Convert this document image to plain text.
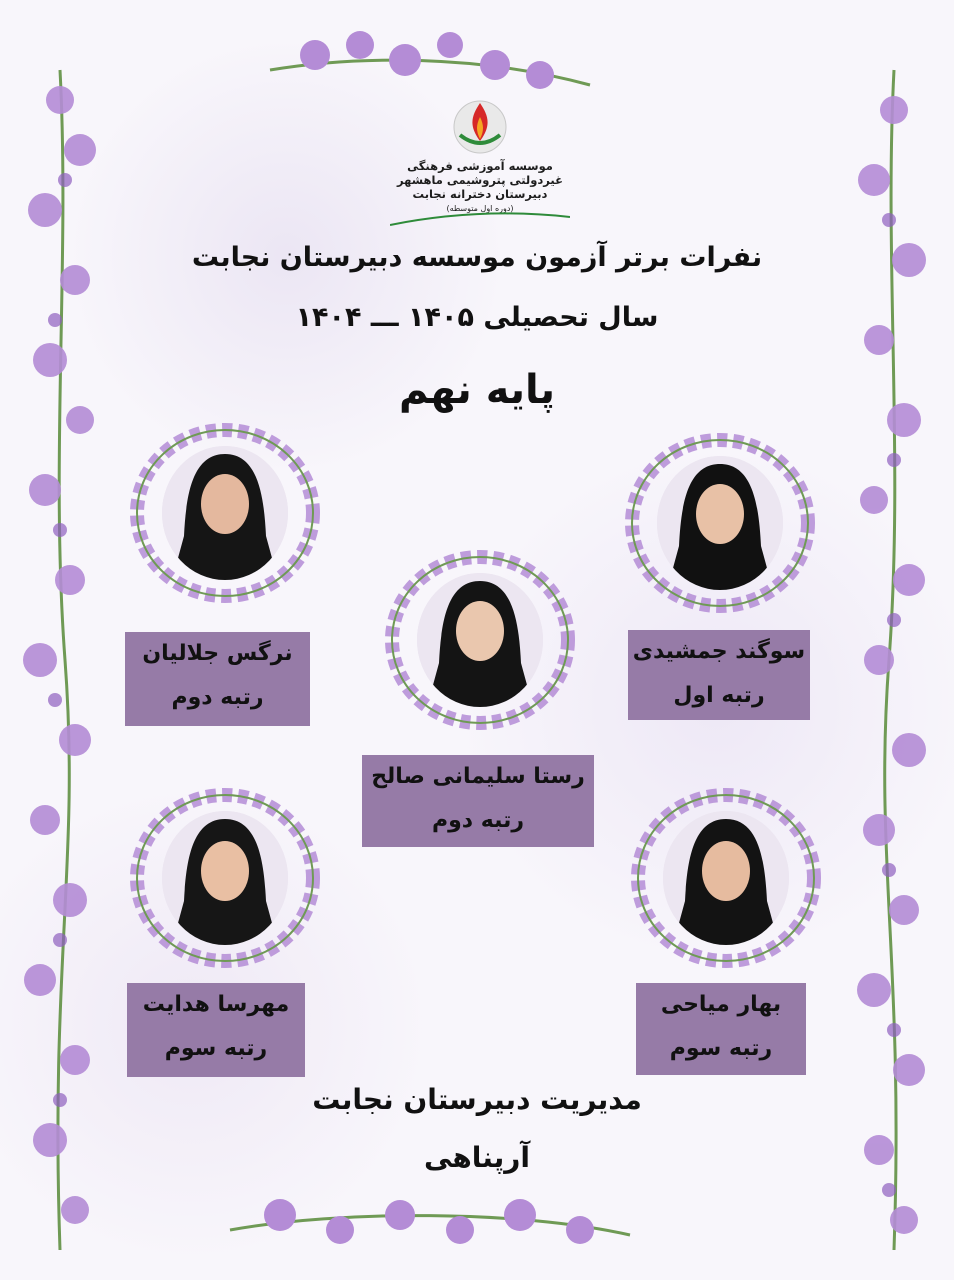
موسسه آموزشی فرهنگی
غیردولتی پتروشیمی ماهشهر
دبیرستان دخترانه نجابت
(دوره اول متوسطه)
نفرات برتر آزمون موسسه دبیرستان نجابت
سال تحصیلی ۱۴۰۵ ـــ ۱۴۰۴
پایه نهم
سوگند جمشیدی
رتبه اول
نرگس جلالیان
رتبه دوم
رستا سلیمانی صالح
رتبه دوم
مهرسا هدایت
رتبه سوم
بهار میاحی
رتبه سوم
مدیریت دبیرستان نجابت
آرپناهی
